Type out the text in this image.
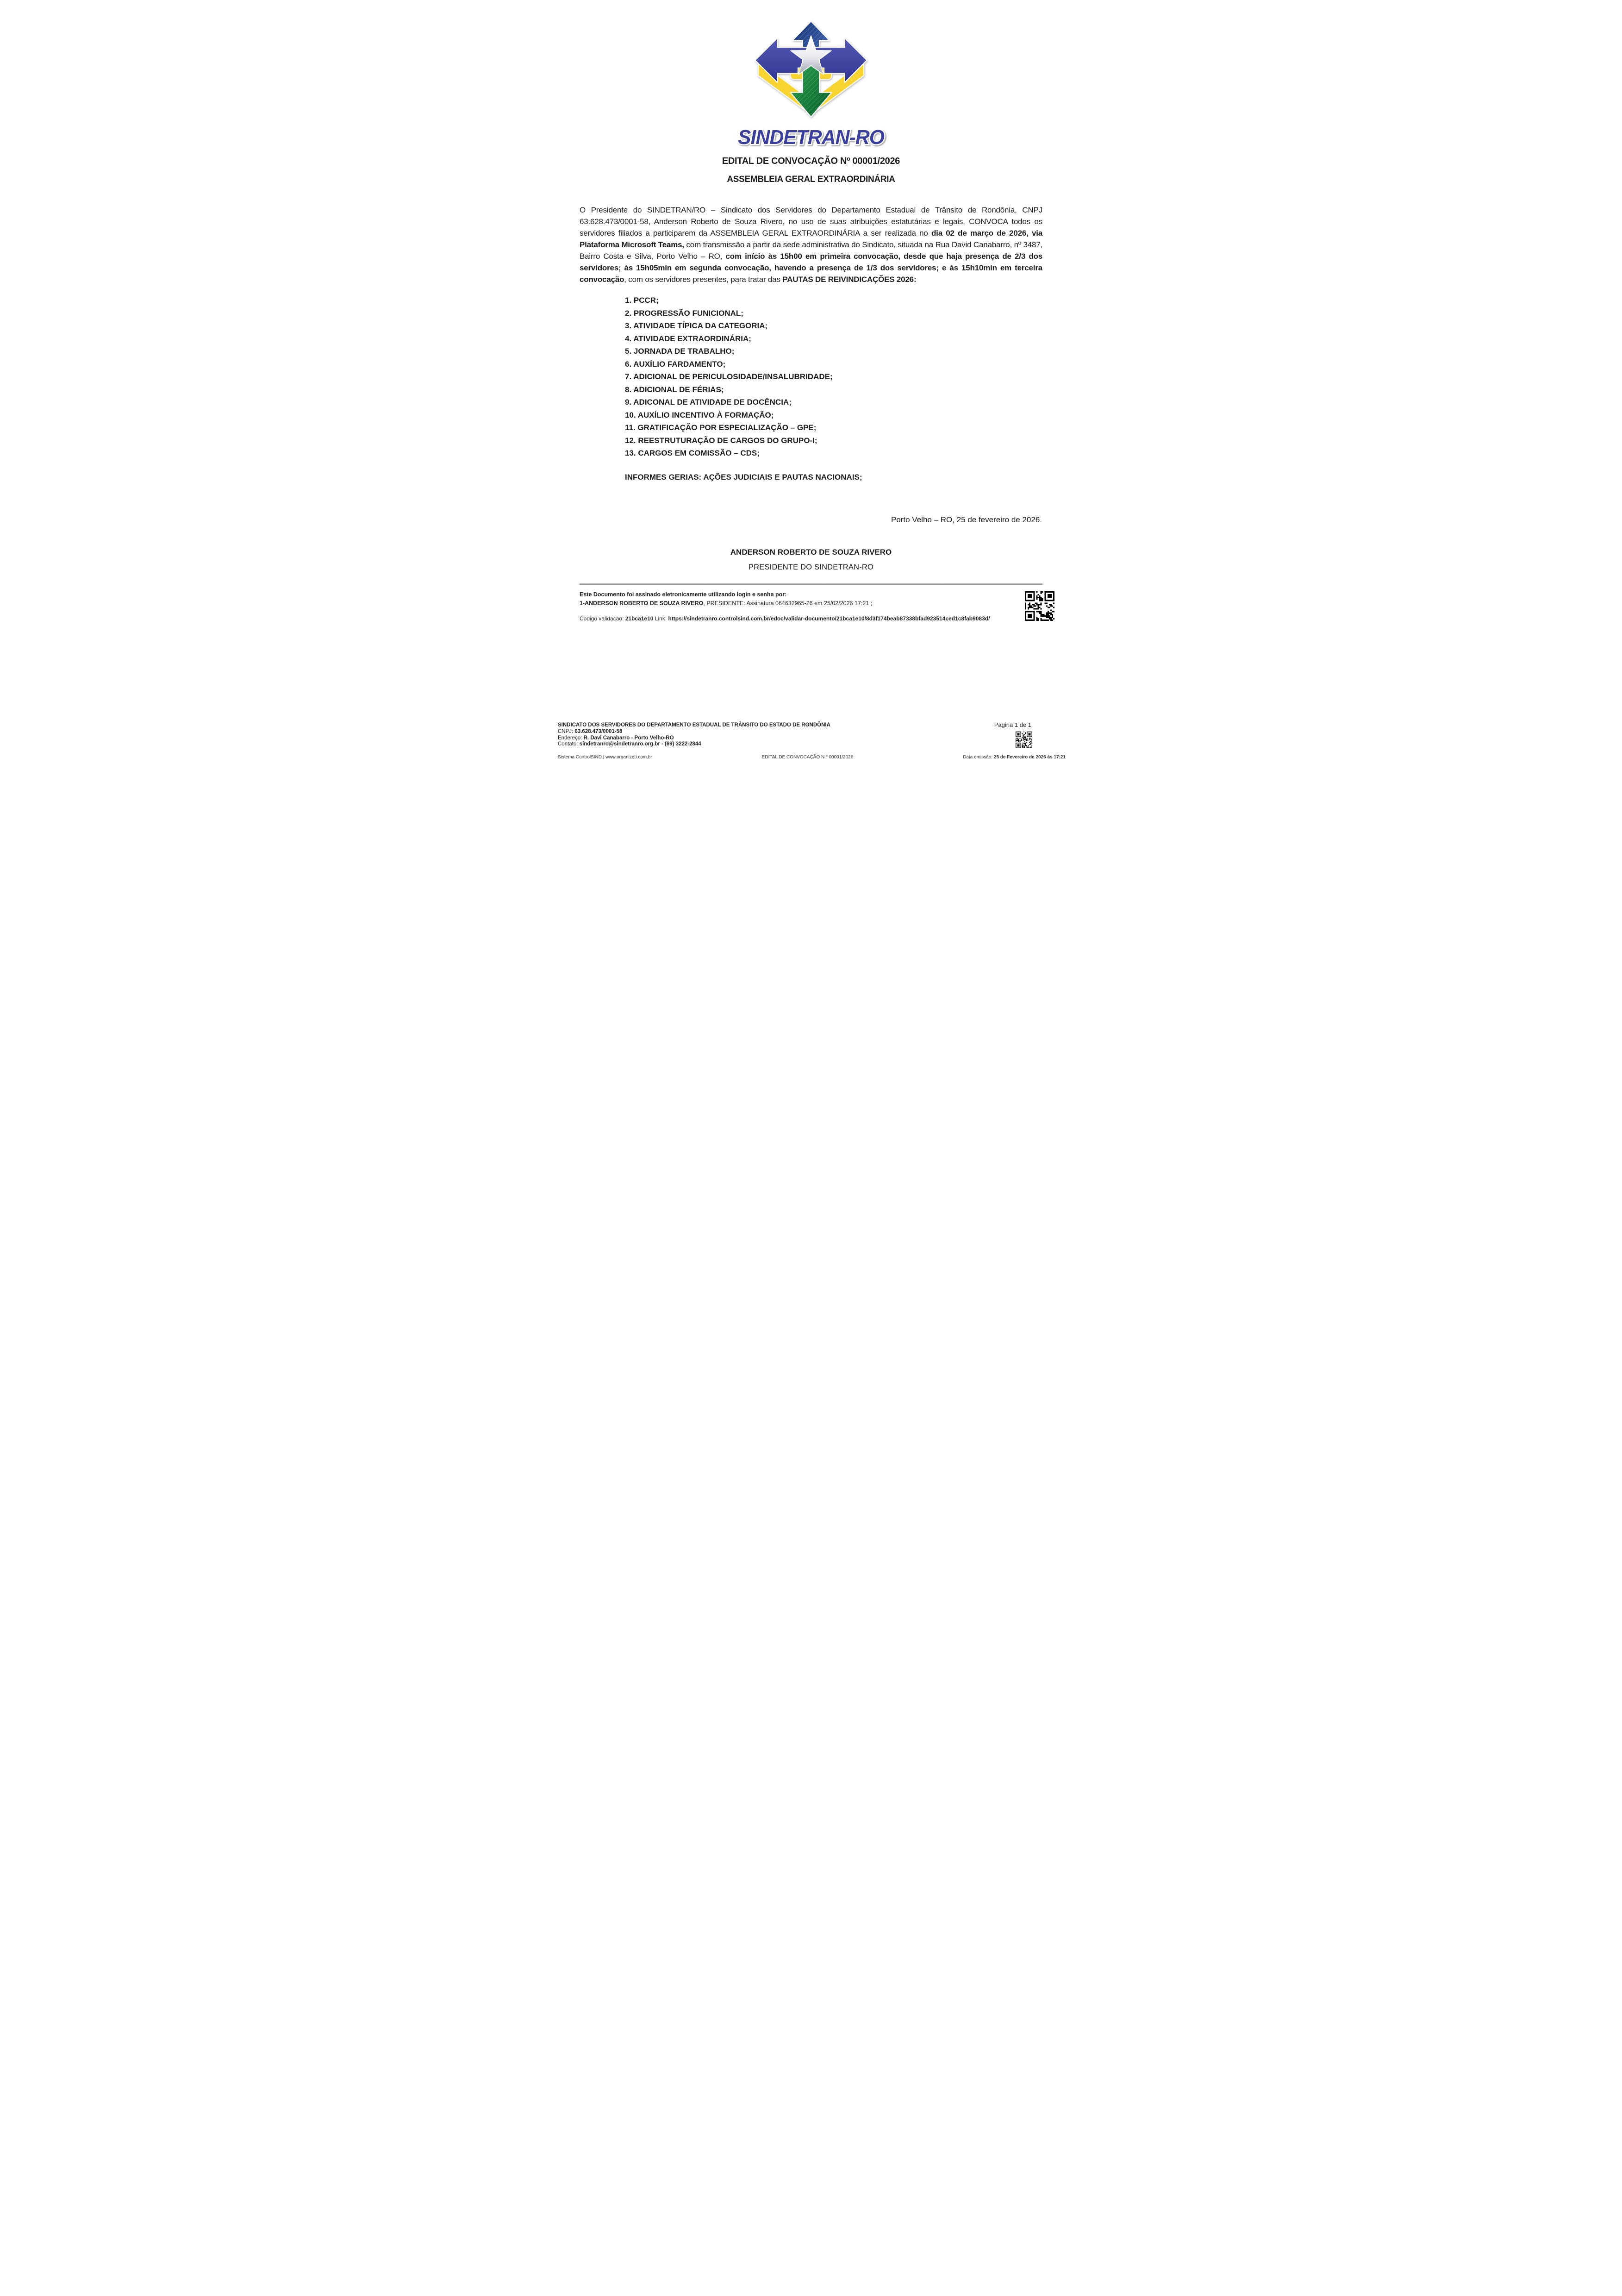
SINDETRAN-RO
EDITAL DE CONVOCAÇÃO Nº 00001/2026
ASSEMBLEIA GERAL EXTRAORDINÁRIA

O Presidente do SINDETRAN/RO – Sindicato dos Servidores do Departamento Estadual de Trânsito de Rondônia, CNPJ 63.628.473/0001-58, Anderson Roberto de Souza Rivero, no uso de suas atribuições estatutárias e legais, CONVOCA todos os servidores filiados a participarem da ASSEMBLEIA GERAL EXTRAORDINÁRIA a ser realizada no dia 02 de março de 2026, via Plataforma Microsoft Teams, com transmissão a partir da sede administrativa do Sindicato, situada na Rua David Canabarro, nº 3487, Bairro Costa e Silva, Porto Velho – RO, com início às 15h00 em primeira convocação, desde que haja presença de 2/3 dos servidores; às 15h05min em segunda convocação, havendo a presença de 1/3 dos servidores; e às 15h10min em terceira convocação, com os servidores presentes, para tratar das PAUTAS DE REIVINDICAÇÕES 2026:

1. PCCR;
2. PROGRESSÃO FUNICIONAL;
3. ATIVIDADE TÍPICA DA CATEGORIA;
4. ATIVIDADE EXTRAORDINÁRIA;
5. JORNADA DE TRABALHO;
6. AUXÍLIO FARDAMENTO;
7. ADICIONAL DE PERICULOSIDADE/INSALUBRIDADE;
8. ADICIONAL DE FÉRIAS;
9. ADICONAL DE ATIVIDADE DE DOCÊNCIA;
10. AUXÍLIO INCENTIVO À FORMAÇÃO;
11. GRATIFICAÇÃO POR ESPECIALIZAÇÃO – GPE;
12. REESTRUTURAÇÃO DE CARGOS DO GRUPO-I;
13. CARGOS EM COMISSÃO – CDS;
INFORMES GERIAS: AÇÕES JUDICIAIS E PAUTAS NACIONAIS;
Porto Velho – RO, 25 de fevereiro de 2026.
ANDERSON ROBERTO DE SOUZA RIVERO
PRESIDENTE DO SINDETRAN-RO
Este Documento foi assinado eletronicamente utilizando login e senha por:
1-ANDERSON ROBERTO DE SOUZA RIVERO, PRESIDENTE: Assinatura 064632965-26 em 25/02/2026 17:21 ;
Codigo validacao: 21bca1e10 Link: https://sindetranro.controlsind.com.br/edoc/validar-documento/21bca1e10/8d3f174beab87338bfad923514ced1c8fab9083d/
SINDICATO DOS SERVIDORES DO DEPARTAMENTO ESTADUAL DE TRÂNSITO DO ESTADO DE RONDÔNIA
CNPJ: 63.628.473/0001-58
Endereço: R. Davi Canabarro - Porto Velho-RO
Contato: sindetranro@sindetranro.org.br - (69) 3222-2844
Pagina 1 de 1
Sistema ControlSIND | www.organizeti.com.br	EDITAL DE CONVOCAÇÃO N.º 00001/2026	Data emissão: 25 de Fevereiro de 2026 às 17:21
